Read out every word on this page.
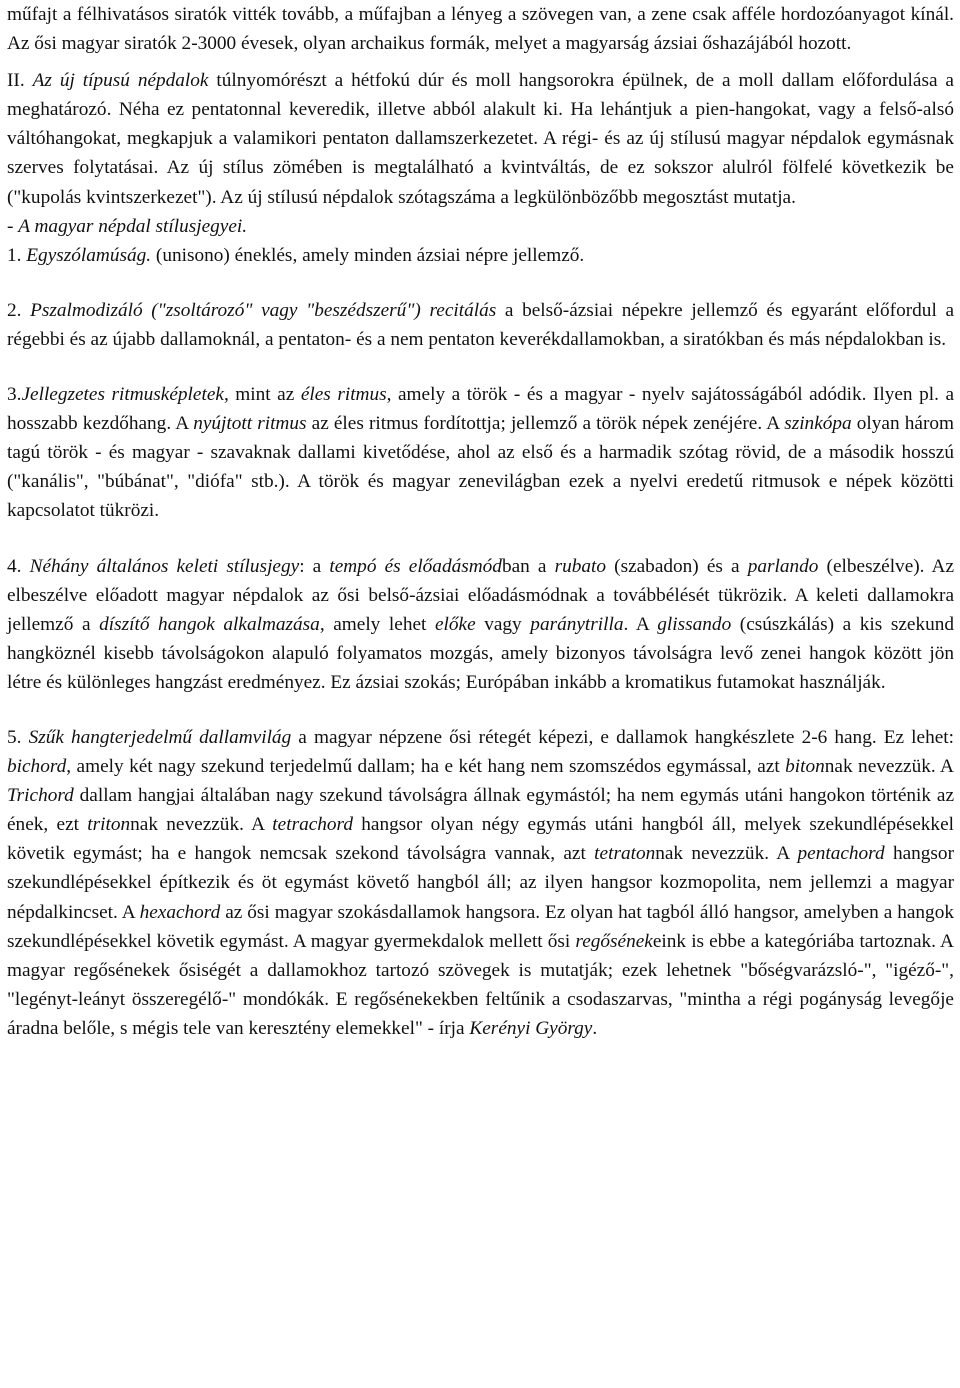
műfajt a félhivatásos siratók vitték tovább, a műfajban a lényeg a szövegen van, a zene csak afféle hordozóanyagot kínál. Az ősi magyar siratók 2-3000 évesek, olyan archaikus formák, melyet a magyarság ázsiai őshazájából hozott.

II. Az új típusú népdalok túlnyomórészt a hétfokú dúr és moll hangsorokra épülnek, de a moll dallam előfordulása a meghatározó. Néha ez pentatonnal keveredik, illetve abból alakult ki. Ha lehántjuk a pien-hangokat, vagy a felső-alsó váltóhangokat, megkapjuk a valamikori pentaton dallamszerkezetet. A régi- és az új stílusú magyar népdalok egymásnak szerves folytatásai. Az új stílus zömében is megtalálható a kvintváltás, de ez sokszor alulról fölfelé következik be ("kupolás kvintszerkezet"). Az új stílusú népdalok szótagszáma a legkülönbözőbb megosztást mutatja.

- A magyar népdal stílusjegyei.

1. Egyszólamúság. (unisono) éneklés, amely minden ázsiai népre jellemző.

2. Pszalmodizáló ("zsoltározó" vagy "beszédszerű") recitálás a belső-ázsiai népekre jellemző és egyaránt előfordul a régebbi és az újabb dallamoknál, a pentaton- és a nem pentaton keverékdallamokban, a siratókban és más népdalokban is.

3.Jellegzetes ritmusképletek, mint az éles ritmus, amely a török - és a magyar - nyelv sajátosságából adódik. Ilyen pl. a hosszabb kezdőhang. A nyújtott ritmus az éles ritmus fordítottja; jellemző a török népek zenéjére. A szinkópa olyan három tagú török - és magyar - szavaknak dallami kivetődése, ahol az első és a harmadik szótag rövid, de a második hosszú ("kanális", "búbánat", "diófa" stb.). A török és magyar zenevilágban ezek a nyelvi eredetű ritmusok e népek közötti kapcsolatot tükrözi.

4. Néhány általános keleti stílusjegy: a tempó és előadásmódban a rubato (szabadon) és a parlando (elbeszélve). Az elbeszélve előadott magyar népdalok az ősi belső-ázsiai előadásmódnak a továbbélését tükrözik. A keleti dallamokra jellemző a díszítő hangok alkalmazása, amely lehet előke vagy paránytrilla. A glissando (csúszkálás) a kis szekund hangköznél kisebb távolságokon alapuló folyamatos mozgás, amely bizonyos távolságra levő zenei hangok között jön létre és különleges hangzást eredményez. Ez ázsiai szokás; Európában inkább a kromatikus futamokat használják.

5. Szűk hangterjedelmű dallamvilág a magyar népzene ősi rétegét képezi, e dallamok hangkészlete 2-6 hang. Ez lehet: bichord, amely két nagy szekund terjedelmű dallam; ha e két hang nem szomszédos egymással, azt bitonnak nevezzük. A Trichord dallam hangjai általában nagy szekund távolságra állnak egymástól; ha nem egymás utáni hangokon történik az ének, ezt tritonnak nevezzük. A tetrachord hangsor olyan négy egymás utáni hangból áll, melyek szekundlépésekkel követik egymást; ha e hangok nemcsak szekond távolságra vannak, azt tetratonnak nevezzük. A pentachord hangsor szekundlépésekkel építkezik és öt egymást követő hangból áll; az ilyen hangsor kozmopolita, nem jellemzi a magyar népdalkincset. A hexachord az ősi magyar szokásdallamok hangsora. Ez olyan hat tagból álló hangsor, amelyben a hangok szekundlépésekkel követik egymást. A magyar gyermekdalok mellett ősi regősénekeink is ebbe a kategóriába tartoznak. A magyar regősénekek ősiségét a dallamokhoz tartozó szövegek is mutatják; ezek lehetnek "bőségvarázsló-", "igéző-", "legényt-leányt összeregélő-" mondókák. E regősénekekben feltűnik a csodaszarvas, "mintha a régi pogányság levegője áradna belőle, s mégis tele van keresztény elemekkel" - írja Kerényi György.
